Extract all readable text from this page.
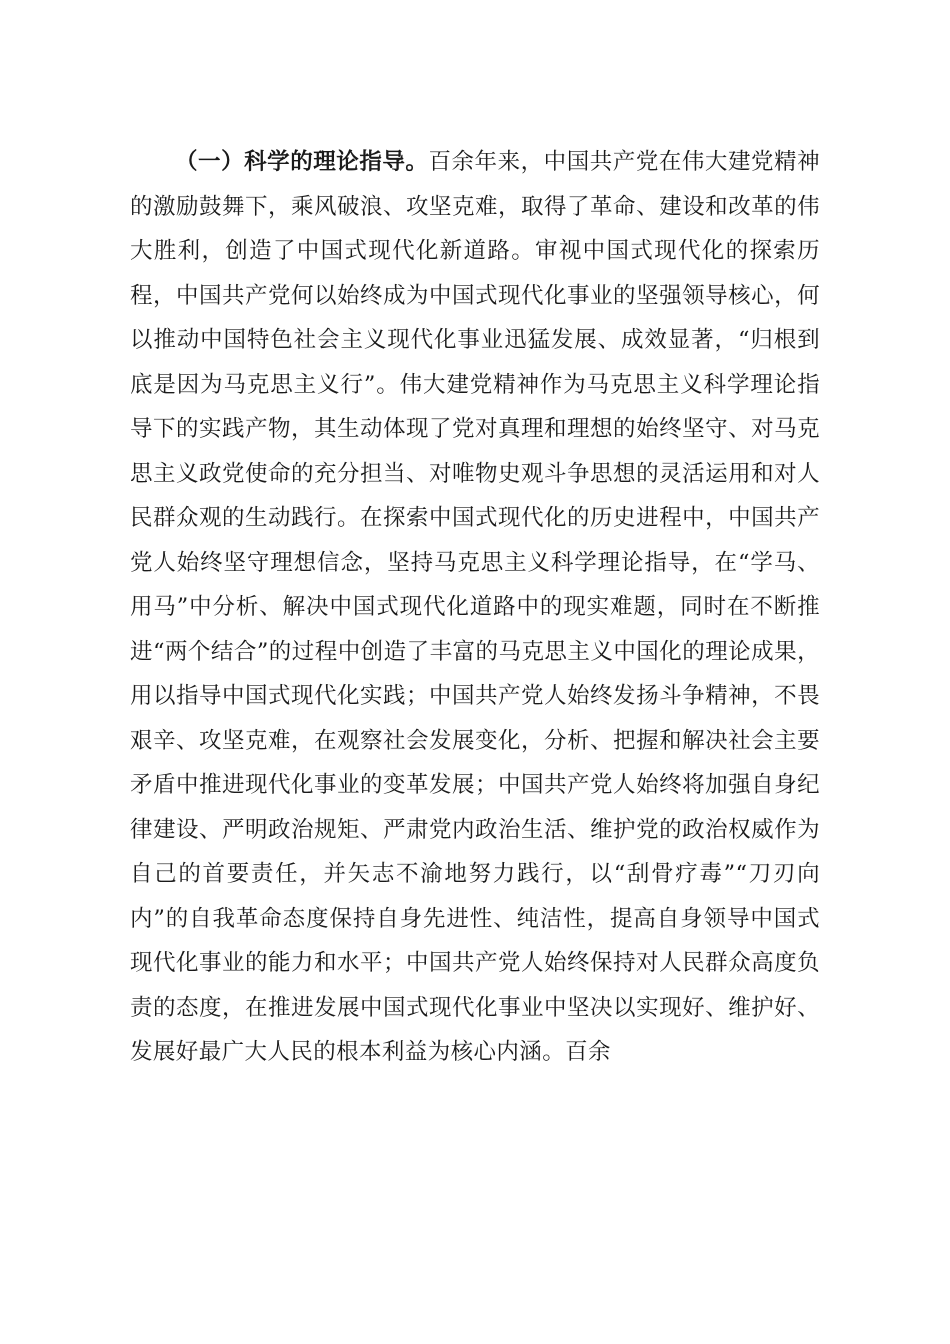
（一）科学的理论指导。百余年来，中国共产党在伟大建党精神的激励鼓舞下，乘风破浪、攻坚克难，取得了革命、建设和改革的伟大胜利，创造了中国式现代化新道路。审视中国式现代化的探索历程，中国共产党何以始终成为中国式现代化事业的坚强领导核心，何以推动中国特色社会主义现代化事业迅猛发展、成效显著，“归根到底是因为马克思主义行”。伟大建党精神作为马克思主义科学理论指导下的实践产物，其生动体现了党对真理和理想的始终坚守、对马克思主义政党使命的充分担当、对唯物史观斗争思想的灵活运用和对人民群众观的生动践行。在探索中国式现代化的历史进程中，中国共产党人始终坚守理想信念，坚持马克思主义科学理论指导，在“学马、用马”中分析、解决中国式现代化道路中的现实难题，同时在不断推进“两个结合”的过程中创造了丰富的马克思主义中国化的理论成果，用以指导中国式现代化实践；中国共产党人始终发扬斗争精神，不畏艰辛、攻坚克难，在观察社会发展变化，分析、把握和解决社会主要矛盾中推进现代化事业的变革发展；中国共产党人始终将加强自身纪律建设、严明政治规矩、严肃党内政治生活、维护党的政治权威作为自己的首要责任，并矢志不渝地努力践行，以“刮骨疗毒”“刀刃向内”的自我革命态度保持自身先进性、纯洁性，提高自身领导中国式现代化事业的能力和水平；中国共产党人始终保持对人民群众高度负责的态度，在推进发展中国式现代化事业中坚决以实现好、维护好、发展好最广大人民的根本利益为核心内涵。百余
